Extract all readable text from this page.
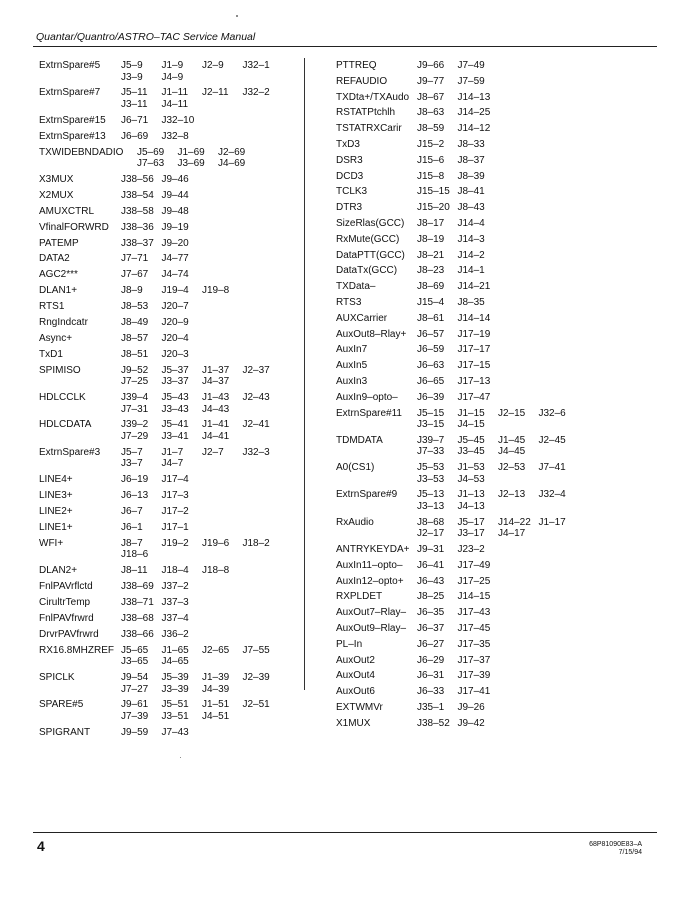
Quantar/Quantro/ASTRO–TAC Service Manual
ExtrnSpare#5	J5–9 J1–9 J2–9 J32–1
J3–9 J4–9
ExtrnSpare#7	J5–11 J1–11 J2–11 J32–2
J3–11 J4–11
ExtrnSpare#15	J6–71 J32–10
ExtrnSpare#13	J6–69 J32–8
TXWIDEBNDADIO	J5–69 J1–69 J2–69
J7–63 J3–69 J4–69
X3MUX	J38–56 J9–46
X2MUX	J38–54 J9–44
AMUXCTRL	J38–58 J9–48
VfinalFORWRD	J38–36 J9–19
PATEMP	J38–37 J9–20
DATA2	J7–71 J4–77
AGC2***	J7–67 J4–74
DLAN1+	J8–9 J19–4 J19–8
RTS1	J8–53 J20–7
RngIndcatr	J8–49 J20–9
Async+	J8–57 J20–4
TxD1	J8–51 J20–3
SPIMISO	J9–52 J5–37 J1–37 J2–37
J7–25 J3–37 J4–37
HDLCCLK	J39–4 J5–43 J1–43 J2–43
J7–31 J3–43 J4–43
HDLCDATA	J39–2 J5–41 J1–41 J2–41
J7–29 J3–41 J4–41
ExtrnSpare#3	J5–7 J1–7 J2–7 J32–3
J3–7 J4–7
LINE4+	J6–19 J17–4
LINE3+	J6–13 J17–3
LINE2+	J6–7 J17–2
LINE1+	J6–1 J17–1
WFI+	J8–7 J19–2 J19–6 J18–2
J18–6
DLAN2+	J8–11 J18–4 J18–8
FnlPAVrflctd	J38–69 J37–2
CirultrTemp	J38–71 J37–3
FnlPAVfrwrd	J38–68 J37–4
DrvrPAVfrwrd	J38–66 J36–2
RX16.8MHZREF J5–65 J1–65 J2–65 J7–55
J3–65 J4–65
SPICLK	J9–54 J5–39 J1–39 J2–39
J7–27 J3–39 J4–39
SPARE#5	J9–61 J5–51 J1–51 J2–51
J7–39 J3–51 J4–51
SPIGRANT	J9–59 J7–43
PTTREQ	J9–66 J7–49
REFAUDIO	J9–77 J7–59
TXDta+/TXAudo J8–67 J14–13
RSTATPtchlh	J8–63 J14–25
TSTATRXCarir	J8–59 J14–12
TxD3	J15–2 J8–33
DSR3	J15–6 J8–37
DCD3	J15–8 J8–39
TCLK3	J15–15 J8–41
DTR3	J15–20 J8–43
SizeRlas(GCC)	J8–17 J14–4
RxMute(GCC)	J8–19 J14–3
DataPTT(GCC)	J8–21 J14–2
DataTx(GCC)	J8–23 J14–1
TXData–	J8–69 J14–21
RTS3	J15–4 J8–35
AUXCarrier	J8–61 J14–14
AuxOut8–Rlay+	J6–57 J17–19
AuxIn7	J6–59 J17–17
AuxIn5	J6–63 J17–15
AuxIn3	J6–65 J17–13
AuxIn9–opto–	J6–39 J17–47
ExtrnSpare#11	J5–15 J1–15 J2–15 J32–6
J3–15 J4–15
TDMDATA	J39–7 J5–45 J1–45 J2–45
J7–33 J3–45 J4–45
A0(CS1)	J5–53 J1–53 J2–53 J7–41
J3–53 J4–53
ExtrnSpare#9	J5–13 J1–13 J2–13 J32–4
J3–13 J4–13
RxAudio	J8–68 J5–17 J14–22 J1–17
J2–17 J3–17 J4–17
ANTRYKEYDA+ J9–31 J23–2
AuxIn11–opto–	J6–41 J17–49
AuxIn12–opto+	J6–43 J17–25
RXPLDET	J8–25 J14–15
AuxOut7–Rlay–	J6–35 J17–43
AuxOut9–Rlay–	J6–37 J17–45
PL–In	J6–27 J17–35
AuxOut2	J6–29 J17–37
AuxOut4	J6–31 J17–39
AuxOut6	J6–33 J17–41
EXTWMVr	J35–1 J9–26
X1MUX	J38–52 J9–42
4	68P81090E83–A
7/15/94
